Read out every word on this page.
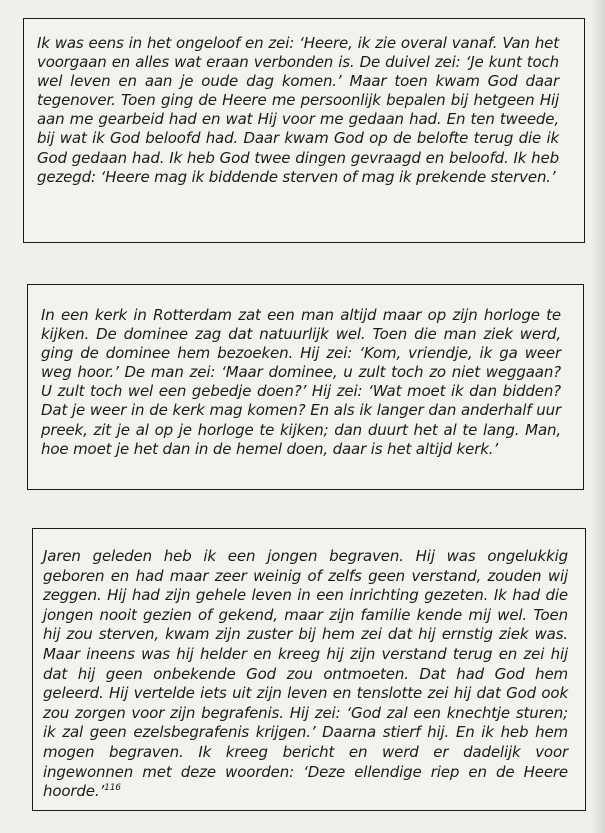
Ik was eens in het ongeloof en zei: ‘Heere, ik zie overal vanaf. Van het voorgaan en alles wat eraan verbonden is. De duivel zei: ‘Je kunt toch wel leven en aan je oude dag komen.’ Maar toen kwam God daar tegenover. Toen ging de Heere me persoonlijk bepalen bij hetgeen Hij aan me gearbeid had en wat Hij voor me gedaan had. En ten tweede, bij wat ik God beloofd had. Daar kwam God op de belofte terug die ik God gedaan had. Ik heb God twee dingen gevraagd en beloofd. Ik heb gezegd: ‘Heere mag ik biddende sterven of mag ik prekende sterven.’

In een kerk in Rotterdam zat een man altijd maar op zijn horloge te kijken. De dominee zag dat natuurlijk wel. Toen die man ziek werd, ging de dominee hem bezoeken. Hij zei: ‘Kom, vriendje, ik ga weer weg hoor.’ De man zei: ‘Maar dominee, u zult toch zo niet weggaan? U zult toch wel een gebedje doen?’ Hij zei: ‘Wat moet ik dan bidden? Dat je weer in de kerk mag komen? En als ik langer dan anderhalf uur preek, zit je al op je horloge te kijken; dan duurt het al te lang. Man, hoe moet je het dan in de hemel doen, daar is het altijd kerk.’

Jaren geleden heb ik een jongen begraven. Hij was ongelukkig geboren en had maar zeer weinig of zelfs geen verstand, zouden wij zeggen. Hij had zijn gehele leven in een inrichting gezeten. Ik had die jongen nooit gezien of gekend, maar zijn familie kende mij wel. Toen hij zou sterven, kwam zijn zuster bij hem zei dat hij ernstig ziek was. Maar ineens was hij helder en kreeg hij zijn verstand terug en zei hij dat hij geen onbekende God zou ontmoeten. Dat had God hem geleerd. Hij vertelde iets uit zijn leven en tenslotte zei hij dat God ook zou zorgen voor zijn begrafenis. Hij zei: ‘God zal een knechtje sturen; ik zal geen ezelsbegrafenis krijgen.’ Daarna stierf hij. En ik heb hem mogen begraven. Ik kreeg bericht en werd er dadelijk voor ingewonnen met deze woorden: ‘Deze ellendige riep en de Heere hoorde.’$^{116}$
